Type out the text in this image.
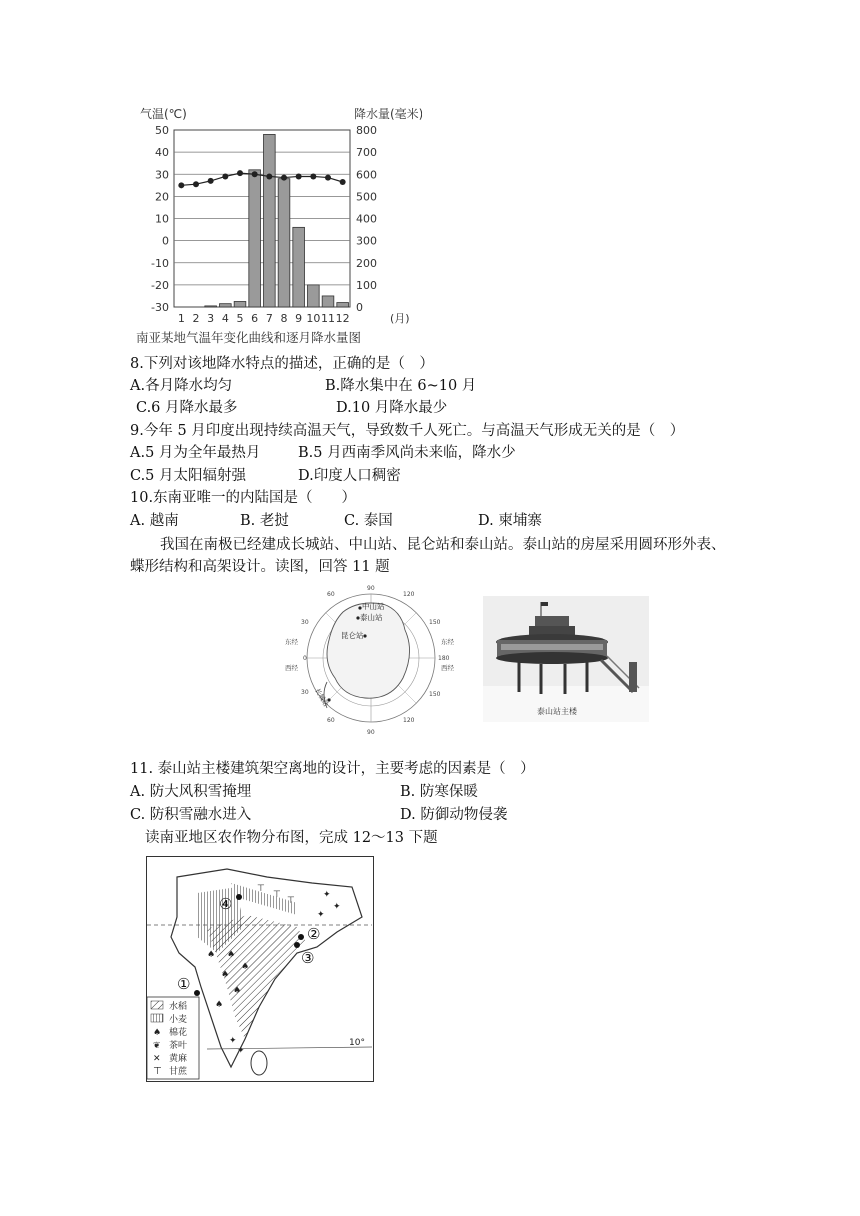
气温(℃)	降水量(毫米)
50
40
30
20
10
0
-10
-20
-30
800
700
600
500
400
300
200
100
0
1 2 3 4 5 6 7 8 9 10 11 12	(月)
南亚某地气温年变化曲线和逐月降水量图
8.下列对该地降水特点的描述，正确的是（　）
A.各月降水均匀	B.降水集中在 6~10 月
C.6 月降水最多	D.10 月降水最少
9.今年 5 月印度出现持续高温天气，导致数千人死亡。与高温天气形成无关的是（　）
A.5 月为全年最热月	B.5 月西南季风尚未来临，降水少
C.5 月太阳辐射强	D.印度人口稠密
10.东南亚唯一的内陆国是（　　）
A. 越南	B. 老挝	C. 泰国	D. 柬埔寨
我国在南极已经建成长城站、中山站、昆仑站和泰山站。泰山站的房屋采用圆环形外表、
蝶形结构和高架设计。读图，回答 11 题
中山站
泰山站
昆仑站
长城站
东经
西经
东经
西经
120
150
180
150
120
90
60
30
0
30
60
90
泰山站主楼
11. 泰山站主楼建筑架空离地的设计，主要考虑的因素是（　）
A. 防大风积雪掩埋	B. 防寒保暖
C. 防积雪融水进入	D. 防御动物侵袭
读南亚地区农作物分布图，完成 12～13 下题
10°
①
②
③
④
♠
♠
♠
♠
♠
♠
⊤
⊤
⊤
✦
✦
✦
✦
✦
水稻
小麦
♠ 棉花
❦ 茶叶
✕ 黄麻
⊤ 甘蔗
